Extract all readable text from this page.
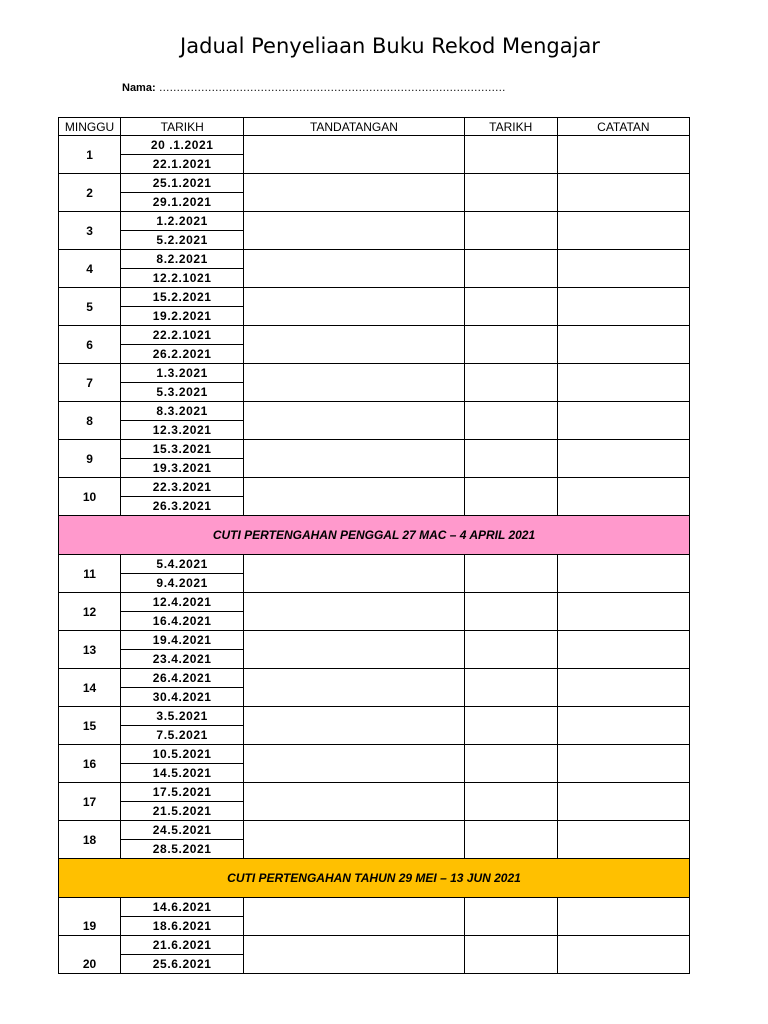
Jadual Penyeliaan Buku Rekod Mengajar
Nama: ………………………………………………………………………………………
MINGGU	TARIKH	TANDATANGAN	TARIKH	CATATAN
1	20 .1.2021			
	22.1.2021			
2	25.1.2021			
	29.1.2021			
3	1.2.2021			
	5.2.2021			
4	8.2.2021			
	12.2.1021			
5	15.2.2021			
	19.2.2021			
6	22.2.1021			
	26.2.2021			
7	1.3.2021			
	5.3.2021			
8	8.3.2021			
	12.3.2021			
9	15.3.2021			
	19.3.2021			
10	22.3.2021			
	26.3.2021			
CUTI PERTENGAHAN PENGGAL 27 MAC – 4 APRIL 2021				
11	5.4.2021			
	9.4.2021			
12	12.4.2021			
	16.4.2021			
13	19.4.2021			
	23.4.2021			
14	26.4.2021			
	30.4.2021			
15	3.5.2021			
	7.5.2021			
16	10.5.2021			
	14.5.2021			
17	17.5.2021			
	21.5.2021			
18	24.5.2021			
	28.5.2021			
CUTI PERTENGAHAN TAHUN 29 MEI – 13 JUN 2021				
19	14.6.2021			
	18.6.2021			
20	21.6.2021			
	25.6.2021			
